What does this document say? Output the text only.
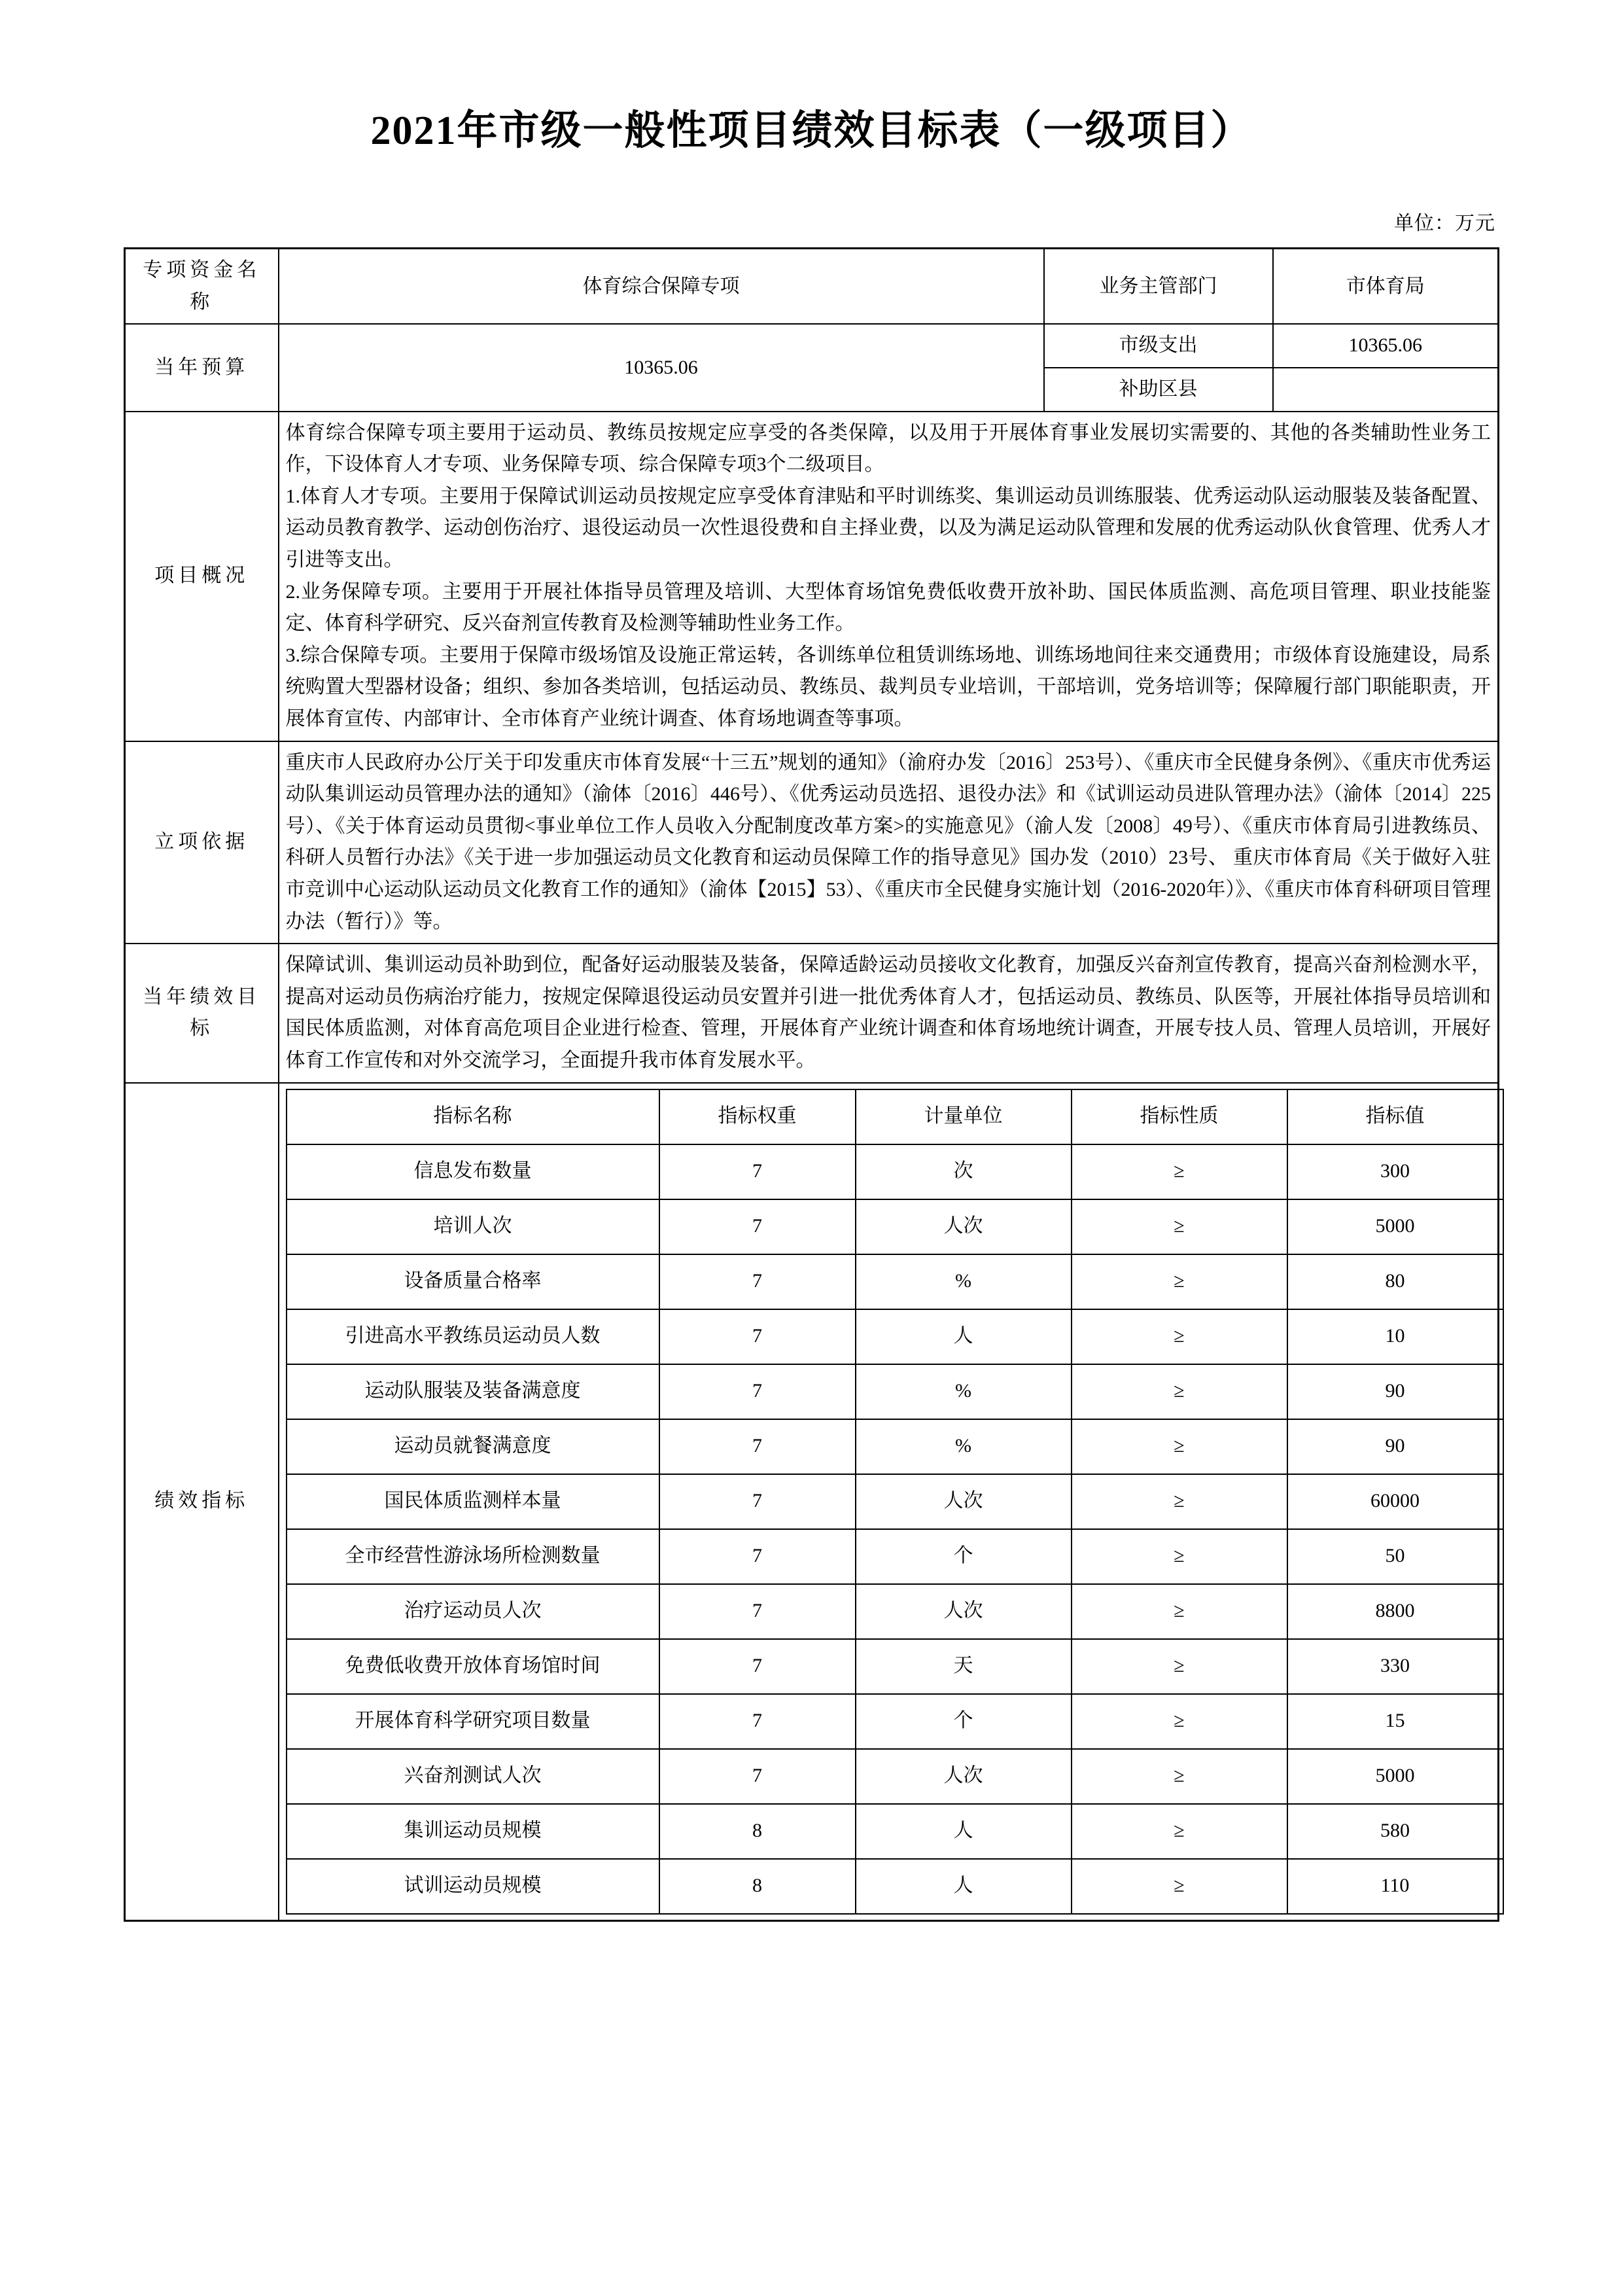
2021年市级一般性项目绩效目标表（一级项目）
单位：万元
专项资金名称	体育综合保障专项	业务主管部门	市体育局
当年预算	10365.06	市级支出	10365.06
补助区县	
项目概况	

体育综合保障专项主要用于运动员、教练员按规定应享受的各类保障，以及用于开展体育事业发展切实需要的、其他的各类辅助性业务工作，下设体育人才专项、业务保障专项、综合保障专项3个二级项目。

1.体育人才专项。主要用于保障试训运动员按规定应享受体育津贴和平时训练奖、集训运动员训练服装、优秀运动队运动服装及装备配置、运动员教育教学、运动创伤治疗、退役运动员一次性退役费和自主择业费，以及为满足运动队管理和发展的优秀运动队伙食管理、优秀人才引进等支出。

2.业务保障专项。主要用于开展社体指导员管理及培训、大型体育场馆免费低收费开放补助、国民体质监测、高危项目管理、职业技能鉴定、体育科学研究、反兴奋剂宣传教育及检测等辅助性业务工作。

3.综合保障专项。主要用于保障市级场馆及设施正常运转，各训练单位租赁训练场地、训练场地间往来交通费用；市级体育设施建设，局系统购置大型器材设备；组织、参加各类培训，包括运动员、教练员、裁判员专业培训，干部培训，党务培训等；保障履行部门职能职责，开展体育宣传、内部审计、全市体育产业统计调查、体育场地调查等事项。

立项依据	

重庆市人民政府办公厅关于印发重庆市体育发展“十三五”规划的通知》（渝府办发〔2016〕253号）、《重庆市全民健身条例》、《重庆市优秀运动队集训运动员管理办法的通知》（渝体〔2016〕446号）、《优秀运动员选招、退役办法》和《试训运动员进队管理办法》（渝体〔2014〕225号）、《关于体育运动员贯彻<事业单位工作人员收入分配制度改革方案>的实施意见》（渝人发〔2008〕49号）、《重庆市体育局引进教练员、科研人员暂行办法》《关于进一步加强运动员文化教育和运动员保障工作的指导意见》国办发（2010）23号、 重庆市体育局《关于做好入驻市竞训中心运动队运动员文化教育工作的通知》（渝体【2015】53）、《重庆市全民健身实施计划（2016-2020年）》、《重庆市体育科研项目管理办法（暂行）》等。

当年绩效目标	

保障试训、集训运动员补助到位，配备好运动服装及装备，保障适龄运动员接收文化教育，加强反兴奋剂宣传教育，提高兴奋剂检测水平，提高对运动员伤病治疗能力，按规定保障退役运动员安置并引进一批优秀体育人才，包括运动员、教练员、队医等，开展社体指导员培训和国民体质监测，对体育高危项目企业进行检查、管理，开展体育产业统计调查和体育场地统计调查，开展专技人员、管理人员培训，开展好体育工作宣传和对外交流学习，全面提升我市体育发展水平。

绩效指标	
指标名称	指标权重	计量单位	指标性质	指标值
信息发布数量	7	次	≥	300
培训人次	7	人次	≥	5000
设备质量合格率	7	%	≥	80
引进高水平教练员运动员人数	7	人	≥	10
运动队服装及装备满意度	7	%	≥	90
运动员就餐满意度	7	%	≥	90
国民体质监测样本量	7	人次	≥	60000
全市经营性游泳场所检测数量	7	个	≥	50
治疗运动员人次	7	人次	≥	8800
免费低收费开放体育场馆时间	7	天	≥	330
开展体育科学研究项目数量	7	个	≥	15
兴奋剂测试人次	7	人次	≥	5000
集训运动员规模	8	人	≥	580
试训运动员规模	8	人	≥	110
